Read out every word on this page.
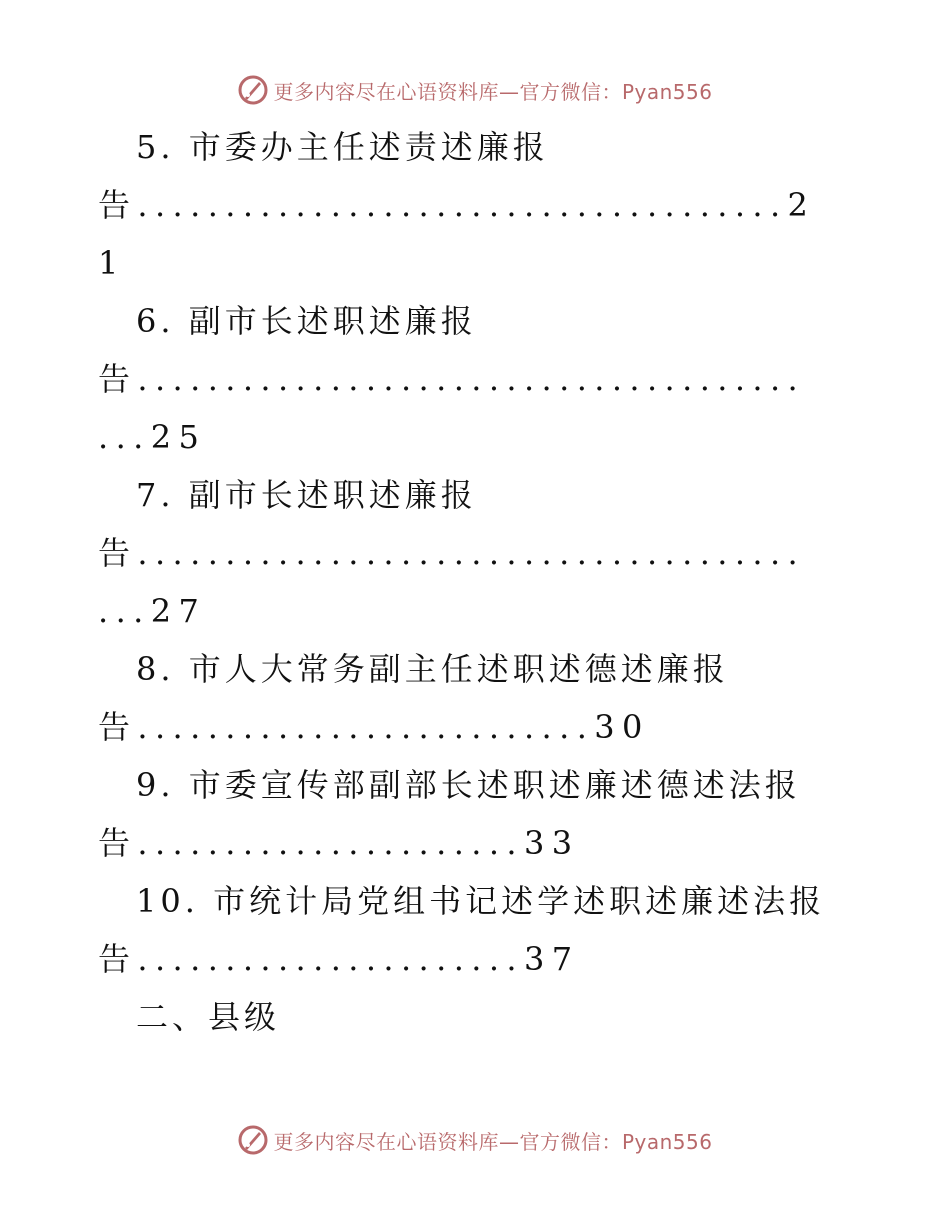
更多内容尽在心语资料库—官方微信：Pyan556
5. 市委办主任述责述廉报
告.....................................2
1
6. 副市长述职述廉报
告......................................
...25
7. 副市长述职述廉报
告......................................
...27
8. 市人大常务副主任述职述德述廉报
告..........................30
9. 市委宣传部副部长述职述廉述德述法报
告......................33
10. 市统计局党组书记述学述职述廉述法报
告......................37
二、县级
更多内容尽在心语资料库—官方微信：Pyan556
